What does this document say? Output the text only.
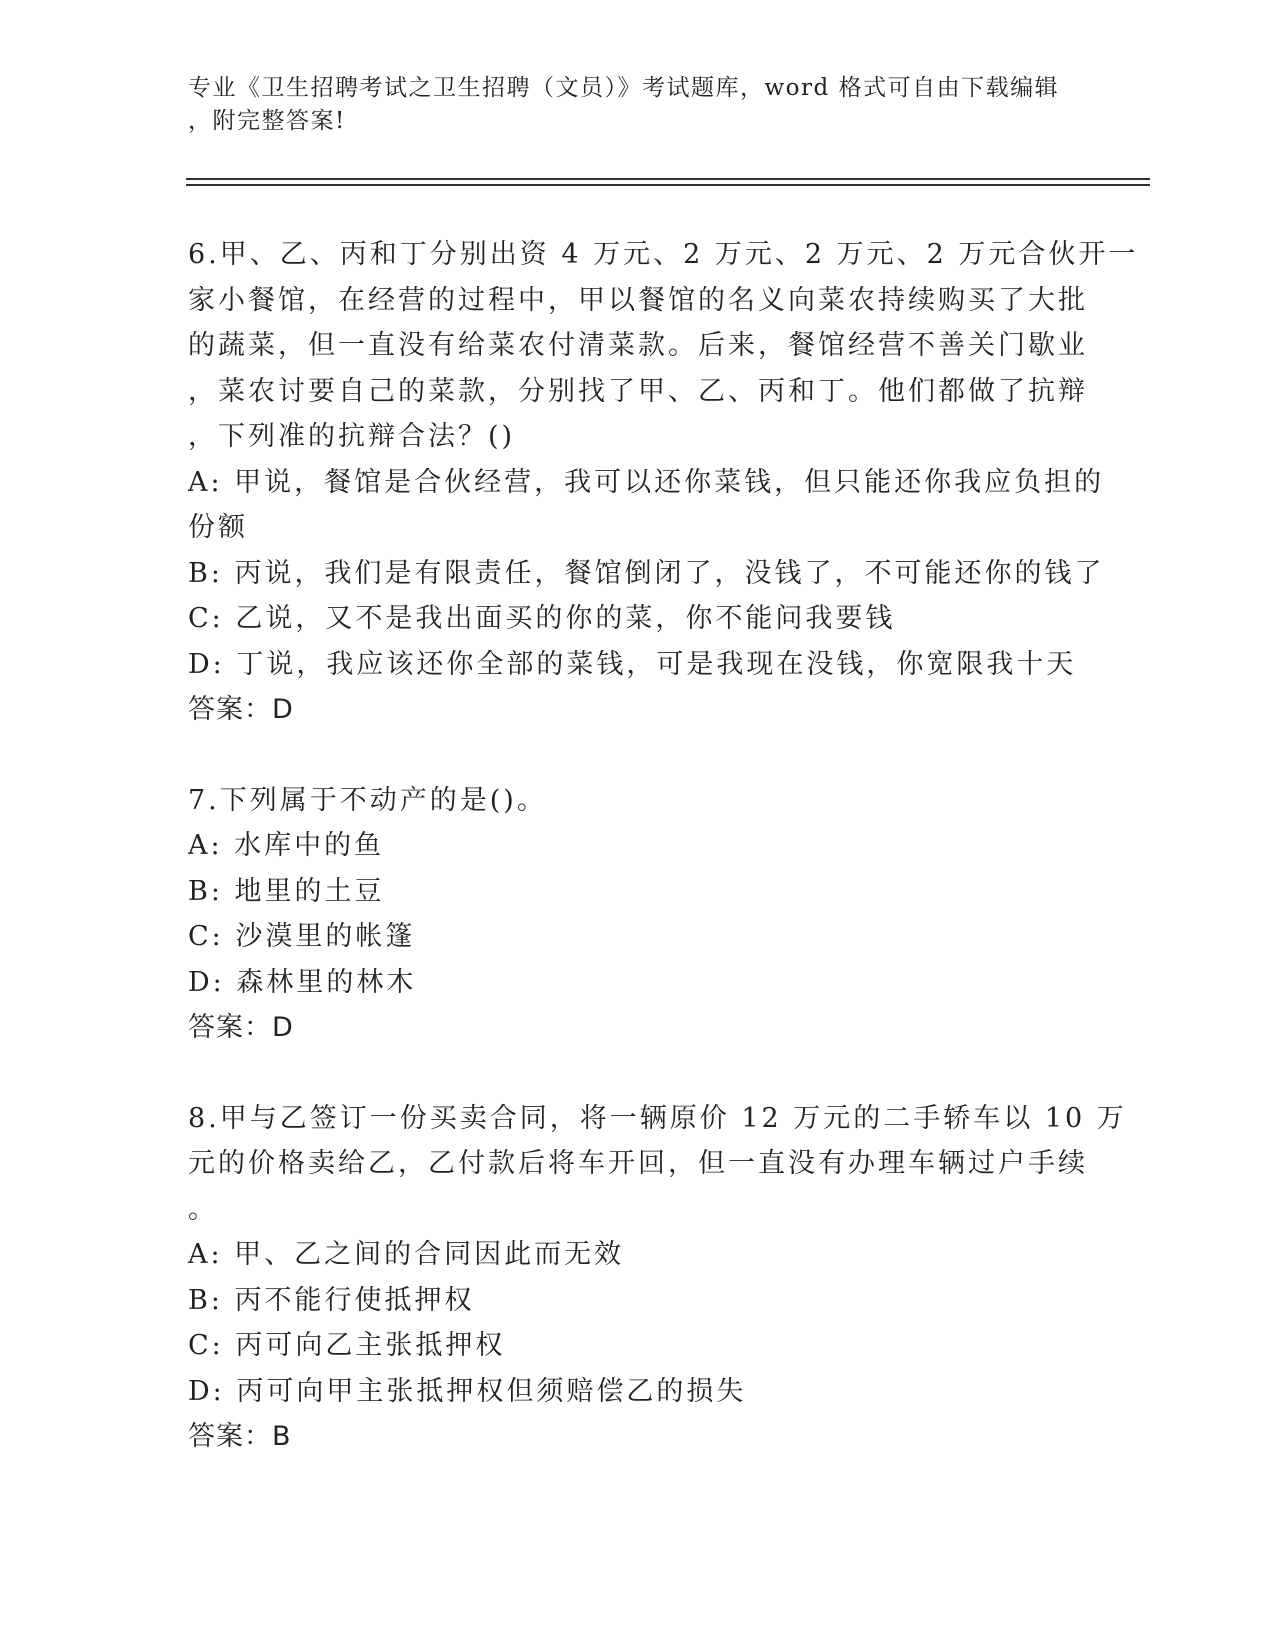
专业《卫生招聘考试之卫生招聘（文员）》考试题库，word 格式可自由下载编辑
，附完整答案!
6.甲、乙、丙和丁分别出资 4 万元、2 万元、2 万元、2 万元合伙开一
家小餐馆，在经营的过程中，甲以餐馆的名义向菜农持续购买了大批
的蔬菜，但一直没有给菜农付清菜款。后来，餐馆经营不善关门歇业
，菜农讨要自己的菜款，分别找了甲、乙、丙和丁。他们都做了抗辩
，下列准的抗辩合法？()
A: 甲说，餐馆是合伙经营，我可以还你菜钱，但只能还你我应负担的
份额
B: 丙说，我们是有限责任，餐馆倒闭了，没钱了，不可能还你的钱了
C: 乙说，又不是我出面买的你的菜，你不能问我要钱
D: 丁说，我应该还你全部的菜钱，可是我现在没钱，你宽限我十天
答案：D
7.下列属于不动产的是()。
A: 水库中的鱼
B: 地里的土豆
C: 沙漠里的帐篷
D: 森林里的林木
答案：D
8.甲与乙签订一份买卖合同，将一辆原价 12 万元的二手轿车以 10 万
元的价格卖给乙，乙付款后将车开回，但一直没有办理车辆过户手续
。
A: 甲、乙之间的合同因此而无效
B: 丙不能行使抵押权
C: 丙可向乙主张抵押权
D: 丙可向甲主张抵押权但须赔偿乙的损失
答案：B
